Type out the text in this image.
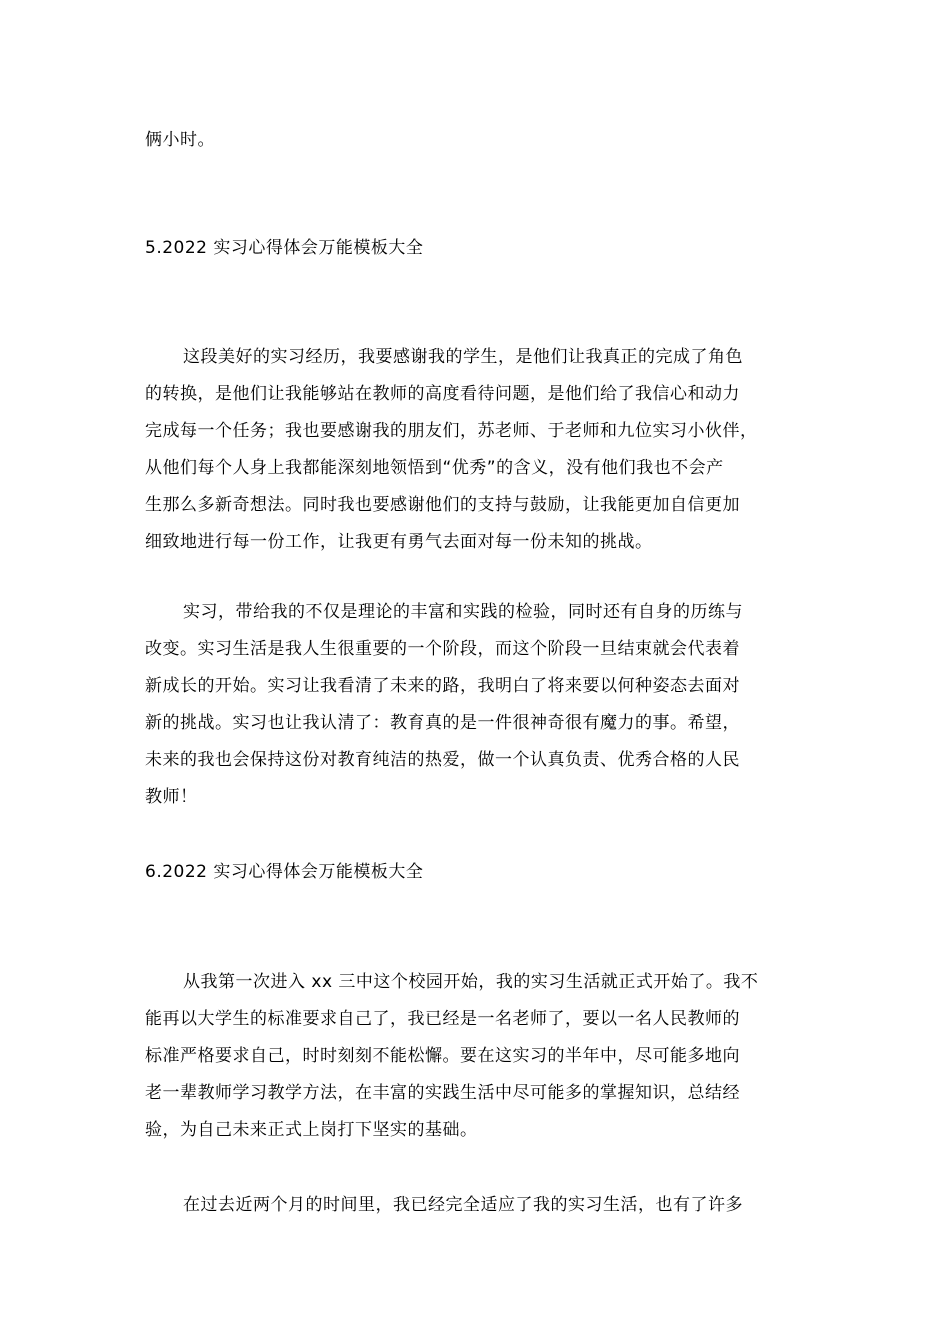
俩小时。
5.2022 实习心得体会万能模板大全
这段美好的实习经历，我要感谢我的学生，是他们让我真正的完成了角色
的转换，是他们让我能够站在教师的高度看待问题，是他们给了我信心和动力
完成每一个任务；我也要感谢我的朋友们，苏老师、于老师和九位实习小伙伴，
从他们每个人身上我都能深刻地领悟到“优秀”的含义，没有他们我也不会产
生那么多新奇想法。同时我也要感谢他们的支持与鼓励，让我能更加自信更加
细致地进行每一份工作，让我更有勇气去面对每一份未知的挑战。
实习，带给我的不仅是理论的丰富和实践的检验，同时还有自身的历练与
改变。实习生活是我人生很重要的一个阶段，而这个阶段一旦结束就会代表着
新成长的开始。实习让我看清了未来的路，我明白了将来要以何种姿态去面对
新的挑战。实习也让我认清了：教育真的是一件很神奇很有魔力的事。希望，
未来的我也会保持这份对教育纯洁的热爱，做一个认真负责、优秀合格的人民
教师！
6.2022 实习心得体会万能模板大全
从我第一次进入 xx 三中这个校园开始，我的实习生活就正式开始了。我不
能再以大学生的标准要求自己了，我已经是一名老师了，要以一名人民教师的
标准严格要求自己，时时刻刻不能松懈。要在这实习的半年中，尽可能多地向
老一辈教师学习教学方法，在丰富的实践生活中尽可能多的掌握知识，总结经
验，为自己未来正式上岗打下坚实的基础。
在过去近两个月的时间里，我已经完全适应了我的实习生活，也有了许多
